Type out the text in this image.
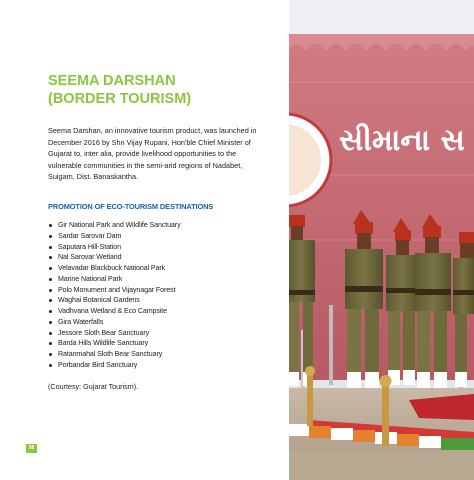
SEEMA DARSHAN
(BORDER TOURISM)

Seema Darshan, an innovative tourism product, was launched in December 2016 by Shri Vijay Rupani, Hon'ble Chief Minister of Gujarat to, inter alia, provide livelihood opportunities to the vulnerable communities in the semi-arid regions of Nadabet, Suigam, Dist. Banaskantha.

PROMOTION OF ECO-TOURISM DESTINATIONS

Gir National Park and Wildlife Sanctuary
Sardar Sarovar Dam
Saputara Hill-Station
Nal Sarovar Wetland
Velavadar Blackbuck National Park
Marine National Park
Polo Monument and Vijaynagar Forest
Waghai Botanical Gardens
Vadhvana Wetland & Eco Campsite
Gira Waterfalls
Jessore Sloth Bear Sanctuary
Barda Hills Wildlife Sanctuary
Ratanmahal Sloth Bear Sanctuary
Porbandar Bird Sanctuary

(Courtesy: Gujarat Tourism).

58
સીમાના સ
